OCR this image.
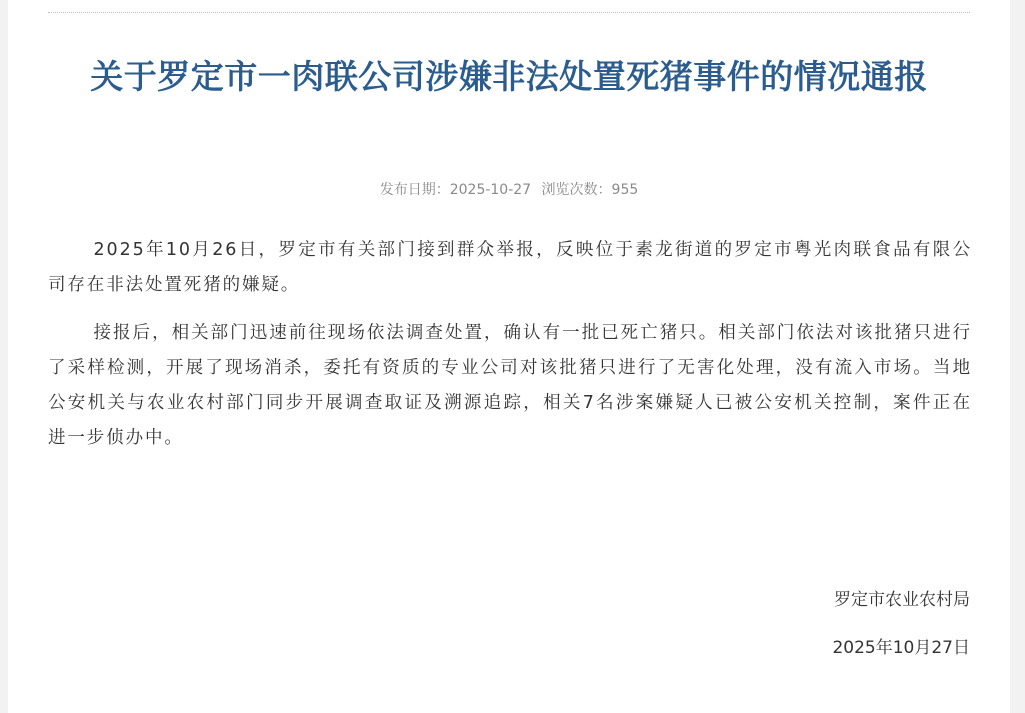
关于罗定市一肉联公司涉嫌非法处置死猪事件的情况通报
发布日期：2025-10-27 浏览次数：955

2025年10月26日，罗定市有关部门接到群众举报，反映位于素龙街道的罗定市粤光肉联食品有限公司存在非法处置死猪的嫌疑。

接报后，相关部门迅速前往现场依法调查处置，确认有一批已死亡猪只。相关部门依法对该批猪只进行了采样检测，开展了现场消杀，委托有资质的专业公司对该批猪只进行了无害化处理，没有流入市场。当地公安机关与农业农村部门同步开展调查取证及溯源追踪，相关7名涉案嫌疑人已被公安机关控制，案件正在进一步侦办中。

罗定市农业农村局
2025年10月27日
